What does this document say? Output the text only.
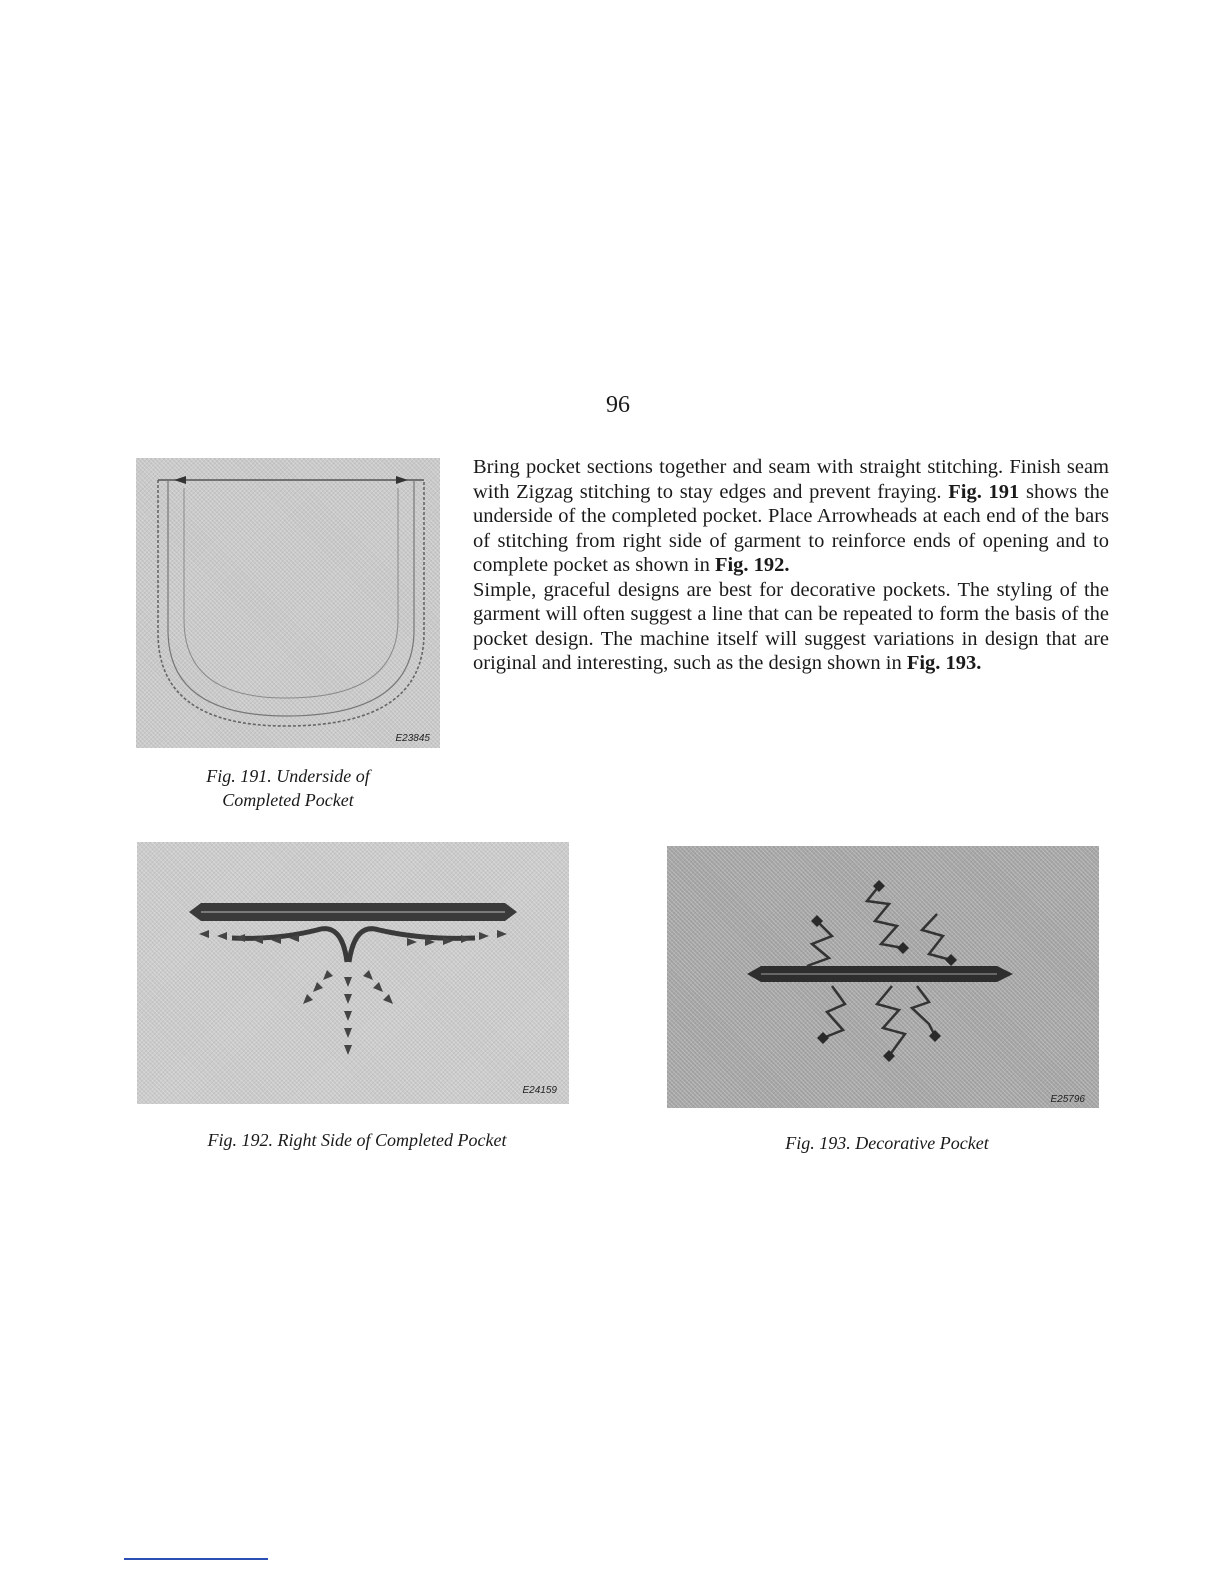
96
E23845
Fig. 191. Underside of
Completed Pocket

Bring pocket sections together and seam with straight stitching. Finish seam with Zigzag stitching to stay edges and prevent fraying. Fig. 191 shows the underside of the completed pocket. Place Arrowheads at each end of the bars of stitching from right side of garment to reinforce ends of opening and to complete pocket as shown in Fig. 192.

Simple, graceful designs are best for decorative pockets. The styling of the garment will often suggest a line that can be repeated to form the basis of the pocket design. The machine itself will suggest variations in design that are original and interesting, such as the design shown in Fig. 193.

E24159
Fig. 192. Right Side of Completed Pocket
E25796
Fig. 193. Decorative Pocket
